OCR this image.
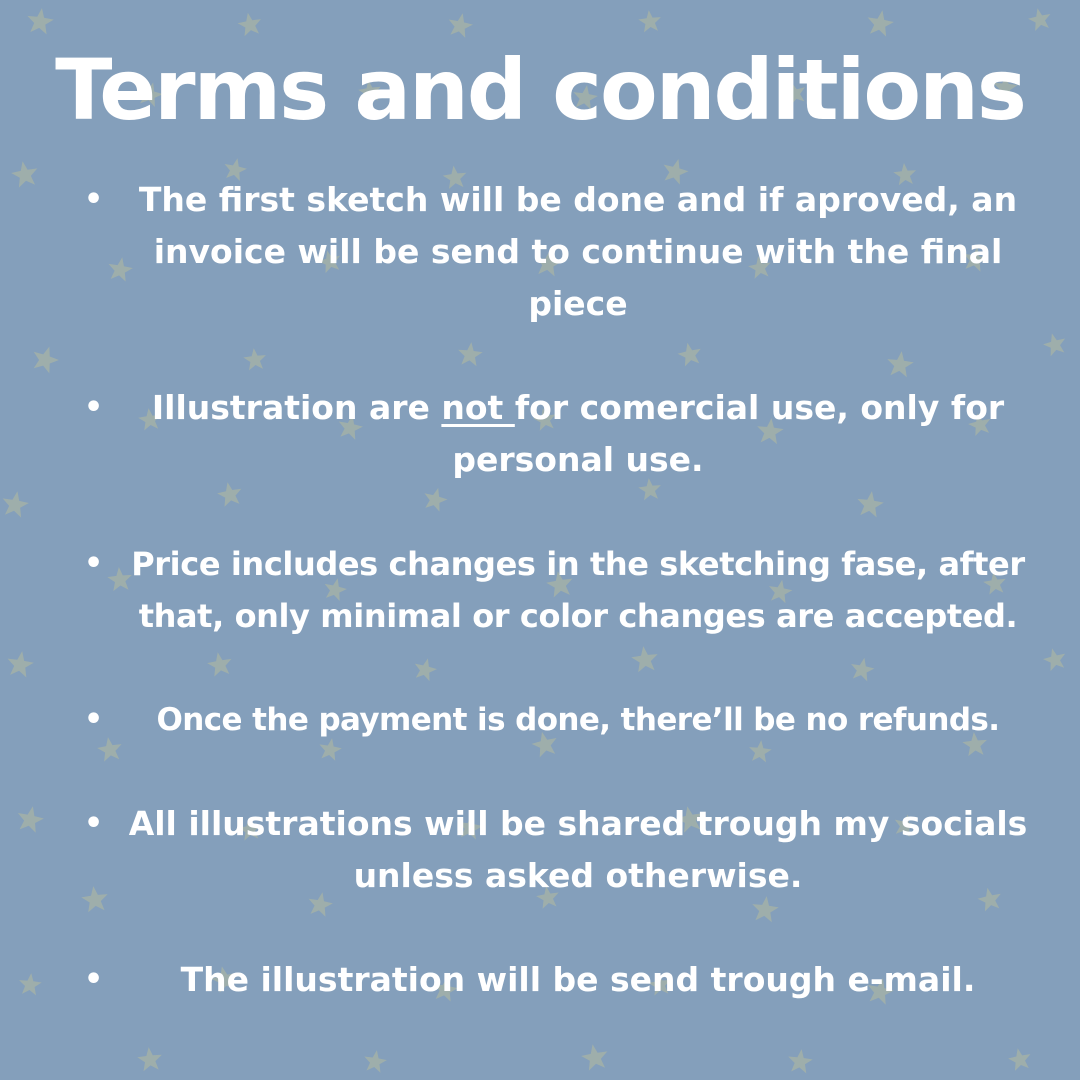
Terms and conditions
• The first sketch will be done and if aproved, an invoice will be send to continue with the final piece
• Illustration are not for comercial use, only for personal use.
• Price includes changes in the sketching fase, after that, only minimal or color changes are accepted.
• Once the payment is done, there’ll be no refunds.
• All illustrations will be shared trough my socials unless asked otherwise.
• The illustration will be send trough e-mail.
